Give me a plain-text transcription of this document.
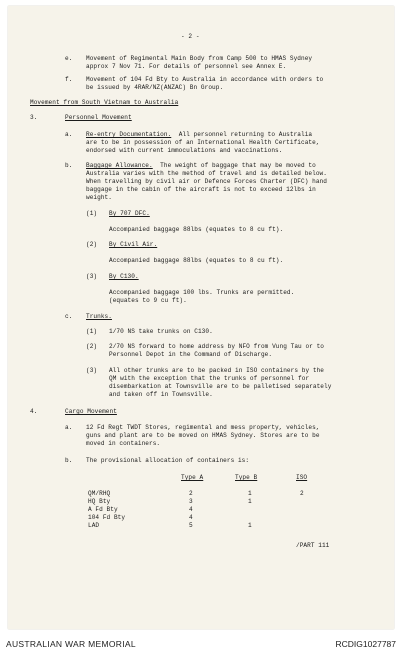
- 2 -
e. Movement of Regimental Main Body from Camp 500 to HMAS Sydney
approx 7 Nov 71. For details of personnel see Annex E.
f. Movement of 104 Fd Bty to Australia in accordance with orders to
be issued by 4RAR/NZ(ANZAC) Bn Group.
Movement from South Vietnam to Australia
3.	Personnel Movement
a. Re-entry Documentation. All personnel returning to Australia
are to be in possession of an International Health Certificate,
endorsed with current immoculations and vaccinations.
b. Baggage Allowance. The weight of baggage that may be moved to
Australia varies with the method of travel and is detailed below.
When travelling by civil air or Defence Forces Charter (DFC) hand
baggage in the cabin of the aircraft is not to exceed 12lbs in
weight.
(1) By 707 DFC.
Accompanied baggage 88lbs (equates to 8 cu ft).
(2) By Civil Air.
Accompanied baggage 88lbs (equates to 8 cu ft).
(3) By C130.
Accompanied baggage 100 lbs. Trunks are permitted.
(equates to 9 cu ft).
c. Trunks.
(1) 1/70 NS take trunks on C130.
(2) 2/70 NS forward to home address by NFO from Vung Tau or to
Personnel Depot in the Command of Discharge.
(3) All other trunks are to be packed in ISO containers by the
QM with the exception that the trunks of personnel for
disembarkation at Townsville are to be palletised separately
and taken off in Townsville.
4.	Cargo Movement
a. 12 Fd Regt TWDT Stores, regimental and mess property, vehicles,
guns and plant are to be moved on HMAS Sydney. Stores are to be
moved in containers.
b. The provisional allocation of containers is:
Type A	Type B	ISO
QM/RHQ	2	1	2
HQ Bty	3	1
A Fd Bty	4
104 Fd Bty	4
LAD	5	1
/PART 111
AUSTRALIAN WAR MEMORIAL	RCDIG1027787
